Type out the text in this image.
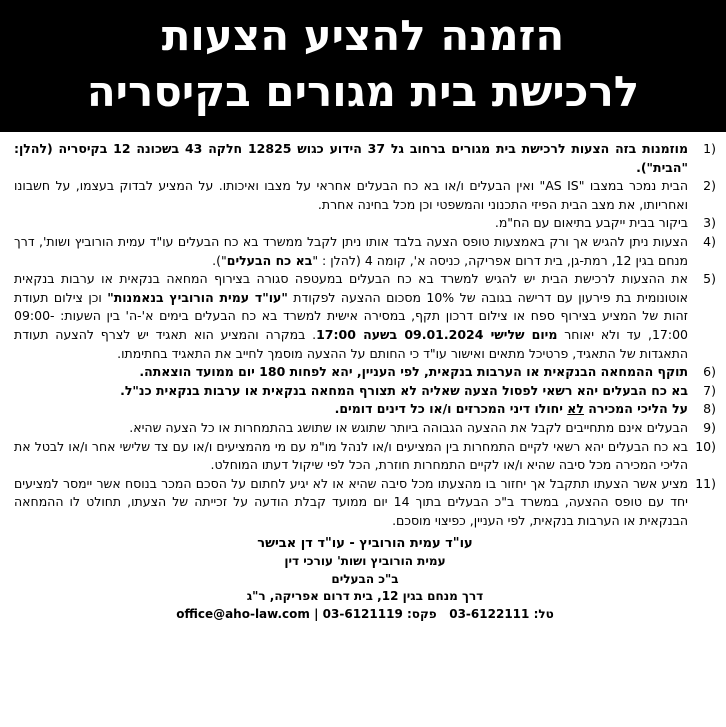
הזמנה להציע הצעות
לרכישת בית מגורים בקיסריה
1)
מוזמנות בזה הצעות לרכישת בית מגורים ברחוב גל 37 הידוע כגוש 12825 חלקה 43 בשכונה 12 בקיסריה (להלן: "הבית").
2)
הבית נמכר במצבו "AS IS" ואין הבעלים ו/או בא כח הבעלים אחראי על מצבו ואיכותו. על המציע לבדוק בעצמו, על חשבונו ואחריותו, את מצב הבית הפיזי התכנוני והמשפטי וכן מכל בחינה אחרת.
3)
ביקור בבית ייקבע בתיאום עם הח"מ.
4)
הצעות ניתן להגיש אך ורק באמצעות טופס הצעה בלבד אותו ניתן לקבל ממשרד בא כח הבעלים עו"ד עמית הורוביץ ושות', דרך מנחם בגין 12, רמת-גן, בית דרום אפריקה, כניסה א', קומה 4 (להלן : "בא כח הבעלים").
5)
את ההצעות לרכישת הבית יש להגיש למשרד בא כח הבעלים במעטפה סגורה בצירוף המחאה בנקאית או ערבות בנקאית אוטונומית בת פירעון עם דרישה בגובה של 10% מסכום ההצעה לפקודת "עו"ד עמית הורוביץ בנאמנות" וכן צילום תעודת זהות של המציע בצירוף ספח או צילום דרכון תקף, במסירה אישית למשרד בא כח הבעלים בימים א'-ה' בין השעות: 09:00-17:00, עד ולא יאוחר מיום שלישי 09.01.2024 בשעה 17:00. במקרה והמציע הוא תאגיד יש לצרף להצעה תעודת התאגדות של התאגיד, פרטיכל מתאים ואישור עו"ד כי החותם על ההצעה מוסמך לחייב את התאגיד בחתימתו.
6)
תוקף ההמחאה הבנקאית או הערבות בנקאית, לפי העניין, יהא לפחות 180 יום ממועד הוצאתה.
7)
בא כח הבעלים יהא רשאי לפסול הצעה שאליה לא תצורף המחאה בנקאית או ערבות בנקאית כנ"ל.
8)
על הליכי המכירה לא יחולו דיני המכרזים ו/או כל דינים דומים.
9)
הבעלים אינם מתחייבים לקבל את ההצעה הגבוהה ביותר שתוגש או שתושג בהתמחרות או כל הצעה שהיא.
10)
בא כח הבעלים יהא רשאי לקיים התמחרות בין המציעים ו/או לנהל מו"מ עם מי מהמציעים ו/או עם צד שלישי אחר ו/או לבטל את הליכי המכירה מכל סיבה שהיא ו/או לקיים התמחרות חוזרת, הכל לפי שיקול דעתו המוחלט.
11)
מציע אשר הצעתו תתקבל אך יחזור בו מהצעתו מכל סיבה שהיא או לא יגיע לחתום על הסכם המכר בנוסח אשר יימסר למציעים יחד עם טופס ההצעה, במשרד ב"כ הבעלים בתוך 14 יום ממועד קבלת הודעה על זכייתה של הצעתו, תחולט לו ההמחאה הבנקאית או הערבות בנקאית, לפי העניין, כפיצוי מוסכם.
עו"ד עמית הורוביץ - עו"ד דן אבישר
עמית הורוביץ ושות' עורכי דין
ב"כ הבעלים
דרך מנחם בגין 12, בית דרום אפריקה, ר"ג
טל: 03-6122111   פקס: 03-6121119 | office@aho-law.com
